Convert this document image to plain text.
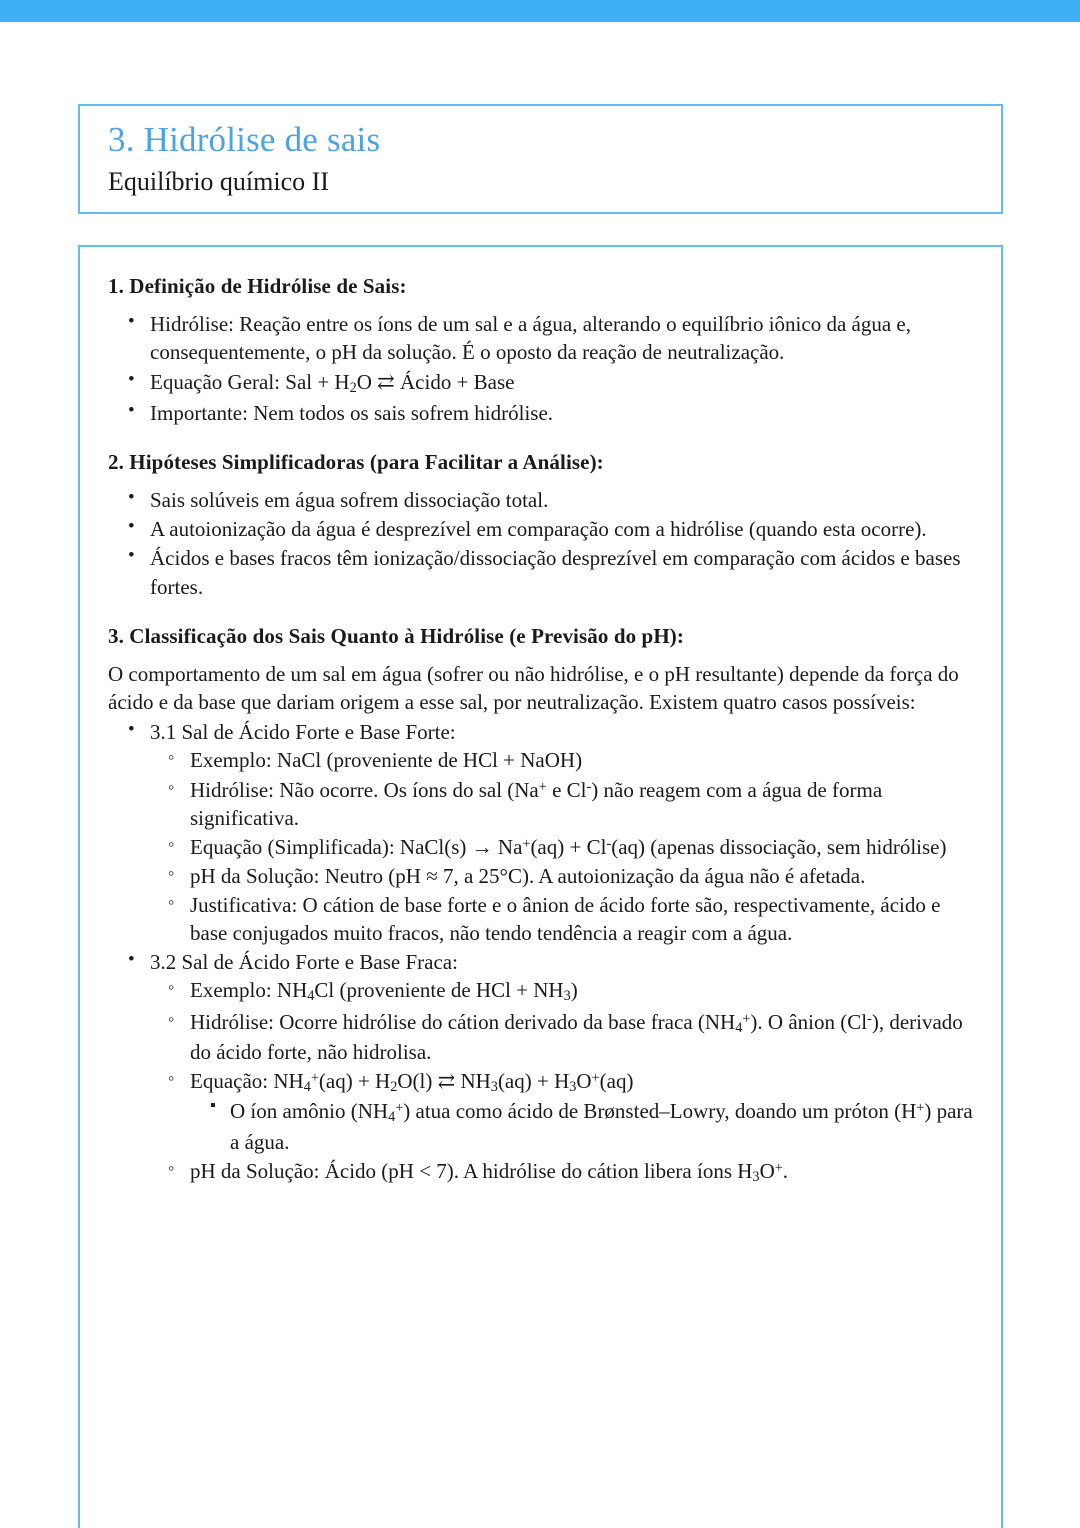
3. Hidrólise de sais

Equilíbrio químico II

1. Definição de Hidrólise de Sais:
• Hidrólise: Reação entre os íons de um sal e a água, alterando o equilíbrio iônico da água e, consequentemente, o pH da solução. É o oposto da reação de neutralização.
• Equação Geral: Sal + $H_2O$ ⇄ Ácido + Base
• Importante: Nem todos os sais sofrem hidrólise.
2. Hipóteses Simplificadoras (para Facilitar a Análise):
• Sais solúveis em água sofrem dissociação total.
• A autoionização da água é desprezível em comparação com a hidrólise (quando esta ocorre).
• Ácidos e bases fracos têm ionização/dissociação desprezível em comparação com ácidos e bases fortes.
3. Classificação dos Sais Quanto à Hidrólise (e Previsão do pH):

O comportamento de um sal em água (sofrer ou não hidrólise, e o pH resultante) depende da força do ácido e da base que dariam origem a esse sal, por neutralização. Existem quatro casos possíveis:

• 3.1 Sal de Ácido Forte e Base Forte:
◦ Exemplo: NaCl (proveniente de HCl + NaOH)
◦ Hidrólise: Não ocorre. Os íons do sal (Na+ e Cl-) não reagem com a água de forma significativa.
◦ Equação (Simplificada): NaCl(s) → Na+(aq) + Cl-(aq) (apenas dissociação, sem hidrólise)
◦ pH da Solução: Neutro (pH ≈ 7, a 25°C). A autoionização da água não é afetada.
◦ Justificativa: O cátion de base forte e o ânion de ácido forte são, respectivamente, ácido e base conjugados muito fracos, não tendo tendência a reagir com a água.
• 3.2 Sal de Ácido Forte e Base Fraca:
◦ Exemplo: $NH_4Cl$ (proveniente de HCl + $NH_3$)
◦ Hidrólise: Ocorre hidrólise do cátion derivado da base fraca $(NH_4^+)$. O ânion (Cl-), derivado do ácido forte, não hidrolisa.
◦ Equação: $NH_4^+(aq) + H_2O(l)$ ⇄ $NH_3(aq) + H_3O^+(aq)$
▪ O íon amônio $(NH_4^+)$ atua como ácido de Brønsted–Lowry, doando um próton (H+) para a água.
◦ pH da Solução: Ácido (pH < 7). A hidrólise do cátion libera íons $H_3O^+$.
